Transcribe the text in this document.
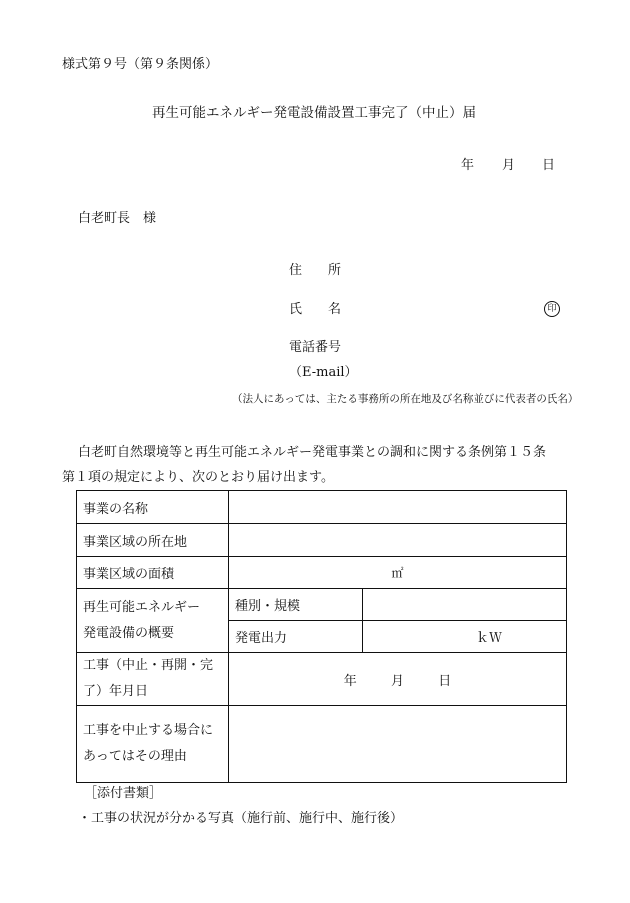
様式第９号（第９条関係）
再生可能エネルギー発電設備設置工事完了（中止）届
年 月 日
白老町長　様
住　　所
氏　　名	印
電話番号
（E-mail）
（法人にあっては、主たる事務所の所在地及び名称並びに代表者の氏名）
白老町自然環境等と再生可能エネルギー発電事業との調和に関する条例第１５条
第１項の規定により、次のとおり届け出ます。
事業の名称		
事業区域の所在地		
事業区域の面積	㎡	

再生可能エネルギー
発電設備の概要	種別・規模	
	発電出力	ｋＷ

工事（中止・再開・完
了）年月日	年 月 日	

工事を中止する場合に
あってはその理由		

［添付書類］
・工事の状況が分かる写真（施行前、施行中、施行後）
